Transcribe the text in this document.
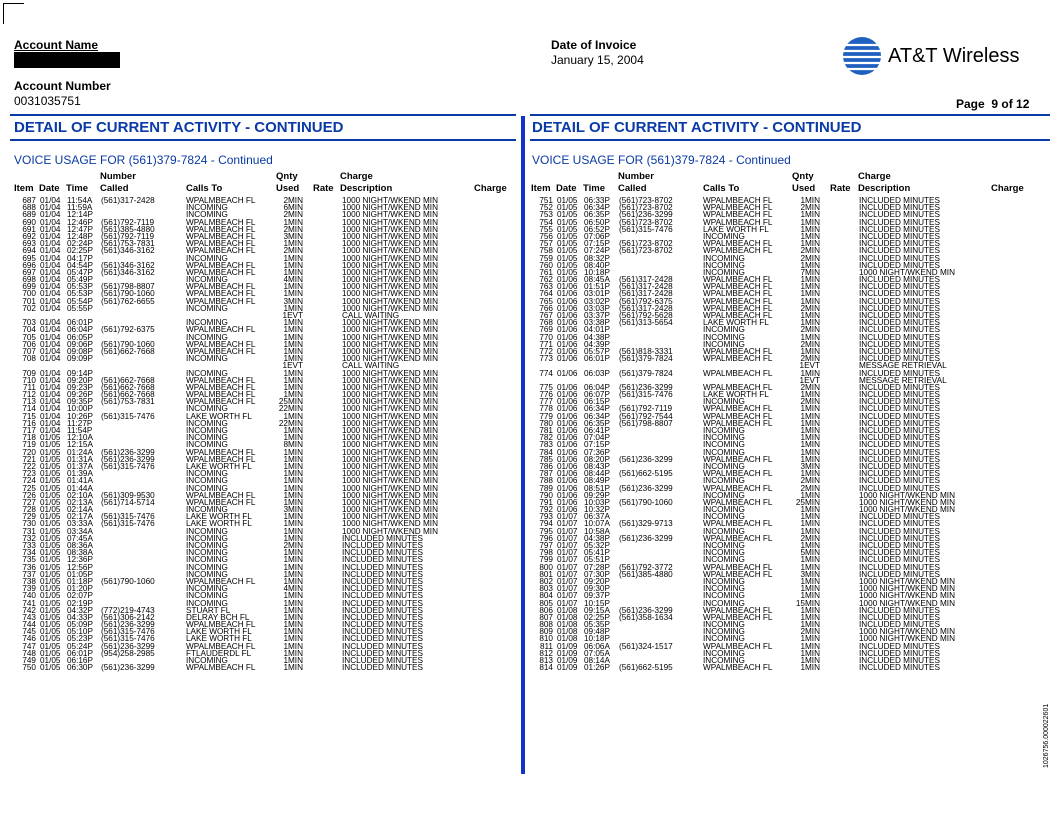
Account Name
Account Number
0031035751
Date of Invoice
January 15, 2004	AT&T Wireless
Page  9 of 12
DETAIL OF CURRENT ACTIVITY - CONTINUED	DETAIL OF CURRENT ACTIVITY - CONTINUED
VOICE USAGE FOR (561)379-7824 - Continued	VOICE USAGE FOR (561)379-7824 - Continued
Number	Qnty	Charge
Item Date Time Called	Calls To	Used Rate Description	Charge
Number	Qnty	Charge
Item Date Time Called	Calls To	Used Rate Description	Charge
687 01/04 11:54A (561)317-2428	WPALMBEACH FL	2MIN	1000 NIGHT/WKEND MIN
688 01/04 11:59A	INCOMING	6MIN	1000 NIGHT/WKEND MIN
689 01/04 12:14P	INCOMING	2MIN	1000 NIGHT/WKEND MIN
690 01/04 12:46P (561)792-7119	WPALMBEACH FL	1MIN	1000 NIGHT/WKEND MIN
691 01/04 12:47P (561)385-4880	WPALMBEACH FL	2MIN	1000 NIGHT/WKEND MIN
692 01/04 12:48P (561)792-7119	WPALMBEACH FL	3MIN	1000 NIGHT/WKEND MIN
693 01/04 02:24P (561)753-7831	WPALMBEACH FL	1MIN	1000 NIGHT/WKEND MIN
694 01/04 02:25P (561)346-3162	WPALMBEACH FL	2MIN	1000 NIGHT/WKEND MIN
695 01/04 04:17P	INCOMING	1MIN	1000 NIGHT/WKEND MIN
696 01/04 04:54P (561)346-3162	WPALMBEACH FL	1MIN	1000 NIGHT/WKEND MIN
697 01/04 05:47P (561)346-3162	WPALMBEACH FL	1MIN	1000 NIGHT/WKEND MIN
698 01/04 05:49P	INCOMING	4MIN	1000 NIGHT/WKEND MIN
699 01/04 05:53P (561)798-8807	WPALMBEACH FL	1MIN	1000 NIGHT/WKEND MIN
700 01/04 05:53P (561)790-1060	WPALMBEACH FL	1MIN	1000 NIGHT/WKEND MIN
701 01/04 05:54P (561)762-6655	WPALMBEACH FL	3MIN	1000 NIGHT/WKEND MIN
702 01/04 05:55P	INCOMING	1MIN	1000 NIGHT/WKEND MIN
1EVT	CALL WAITING
703 01/04 06:01P	INCOMING	1MIN	1000 NIGHT/WKEND MIN
704 01/04 06:04P (561)792-6375	WPALMBEACH FL	1MIN	1000 NIGHT/WKEND MIN
705 01/04 06:05P	INCOMING	1MIN	1000 NIGHT/WKEND MIN
706 01/04 09:06P (561)790-1060	WPALMBEACH FL	1MIN	1000 NIGHT/WKEND MIN
707 01/04 09:08P (561)662-7668	WPALMBEACH FL	1MIN	1000 NIGHT/WKEND MIN
708 01/04 09:09P	INCOMING	1MIN	1000 NIGHT/WKEND MIN
1EVT	CALL WAITING
709 01/04 09:14P	INCOMING	1MIN	1000 NIGHT/WKEND MIN
710 01/04 09:20P (561)662-7668	WPALMBEACH FL	1MIN	1000 NIGHT/WKEND MIN
711 01/04 09:23P (561)662-7668	WPALMBEACH FL	1MIN	1000 NIGHT/WKEND MIN
712 01/04 09:26P (561)662-7668	WPALMBEACH FL	1MIN	1000 NIGHT/WKEND MIN
713 01/04 09:35P (561)753-7831	WPALMBEACH FL	25MIN	1000 NIGHT/WKEND MIN
714 01/04 10:00P	INCOMING	22MIN	1000 NIGHT/WKEND MIN
715 01/04 10:26P (561)315-7476	LAKE WORTH FL	1MIN	1000 NIGHT/WKEND MIN
716 01/04 11:27P	INCOMING	22MIN	1000 NIGHT/WKEND MIN
717 01/04 11:54P	INCOMING	1MIN	1000 NIGHT/WKEND MIN
718 01/05 12:10A	INCOMING	1MIN	1000 NIGHT/WKEND MIN
719 01/05 12:15A	INCOMING	8MIN	1000 NIGHT/WKEND MIN
720 01/05 01:24A (561)236-3299	WPALMBEACH FL	1MIN	1000 NIGHT/WKEND MIN
721 01/05 01:31A (561)236-3299	WPALMBEACH FL	1MIN	1000 NIGHT/WKEND MIN
722 01/05 01:37A (561)315-7476	LAKE WORTH FL	1MIN	1000 NIGHT/WKEND MIN
723 01/05 01:39A	INCOMING	1MIN	1000 NIGHT/WKEND MIN
724 01/05 01:41A	INCOMING	1MIN	1000 NIGHT/WKEND MIN
725 01/05 01:44A	INCOMING	1MIN	1000 NIGHT/WKEND MIN
726 01/05 02:10A (561)309-9530	WPALMBEACH FL	1MIN	1000 NIGHT/WKEND MIN
727 01/05 02:13A (561)714-5714	WPALMBEACH FL	1MIN	1000 NIGHT/WKEND MIN
728 01/05 02:14A	INCOMING	3MIN	1000 NIGHT/WKEND MIN
729 01/05 02:17A (561)315-7476	LAKE WORTH FL	1MIN	1000 NIGHT/WKEND MIN
730 01/05 03:33A (561)315-7476	LAKE WORTH FL	1MIN	1000 NIGHT/WKEND MIN
731 01/05 03:34A	INCOMING	1MIN	1000 NIGHT/WKEND MIN
732 01/05 07:45A	INCOMING	1MIN	INCLUDED MINUTES
733 01/05 08:36A	INCOMING	2MIN	INCLUDED MINUTES
734 01/05 08:38A	INCOMING	1MIN	INCLUDED MINUTES
735 01/05 12:36P	INCOMING	1MIN	INCLUDED MINUTES
736 01/05 12:56P	INCOMING	1MIN	INCLUDED MINUTES
737 01/05 01:05P	INCOMING	1MIN	INCLUDED MINUTES
738 01/05 01:18P (561)790-1060	WPALMBEACH FL	1MIN	INCLUDED MINUTES
739 01/05 01:20P	INCOMING	4MIN	INCLUDED MINUTES
740 01/05 02:07P	INCOMING	1MIN	INCLUDED MINUTES
741 01/05 02:19P	INCOMING	1MIN	INCLUDED MINUTES
742 01/05 04:32P (772)219-4743	STUART FL	1MIN	INCLUDED MINUTES
743 01/05 04:33P (561)306-2142	DELRAY BCH FL	1MIN	INCLUDED MINUTES
744 01/05 05:09P (561)236-3299	WPALMBEACH FL	1MIN	INCLUDED MINUTES
745 01/05 05:10P (561)315-7476	LAKE WORTH FL	1MIN	INCLUDED MINUTES
746 01/05 05:23P (561)315-7476	LAKE WORTH FL	1MIN	INCLUDED MINUTES
747 01/05 05:24P (561)236-3299	WPALMBEACH FL	1MIN	INCLUDED MINUTES
748 01/05 06:01P (954)258-2985	FTLAUDERDL FL	1MIN	INCLUDED MINUTES
749 01/05 06:16P	INCOMING	1MIN	INCLUDED MINUTES
750 01/05 06:30P (561)236-3299	WPALMBEACH FL	1MIN	INCLUDED MINUTES
751 01/05 06:33P (561)723-8702	WPALMBEACH FL	1MIN	INCLUDED MINUTES
752 01/05 06:34P (561)723-8702	WPALMBEACH FL	2MIN	INCLUDED MINUTES
753 01/05 06:35P (561)236-3299	WPALMBEACH FL	1MIN	INCLUDED MINUTES
754 01/05 06:50P (561)723-8702	WPALMBEACH FL	1MIN	INCLUDED MINUTES
755 01/05 06:52P (561)315-7476	LAKE WORTH FL	1MIN	INCLUDED MINUTES
756 01/05 07:06P	INCOMING	1MIN	INCLUDED MINUTES
757 01/05 07:15P (561)723-8702	WPALMBEACH FL	1MIN	INCLUDED MINUTES
758 01/05 07:24P (561)723-8702	WPALMBEACH FL	2MIN	INCLUDED MINUTES
759 01/05 08:32P	INCOMING	2MIN	INCLUDED MINUTES
760 01/05 08:40P	INCOMING	1MIN	INCLUDED MINUTES
761 01/05 10:18P	INCOMING	7MIN	1000 NIGHT/WKEND MIN
762 01/06 08:45A (561)317-2428	WPALMBEACH FL	1MIN	INCLUDED MINUTES
763 01/06 01:51P (561)317-2428	WPALMBEACH FL	1MIN	INCLUDED MINUTES
764 01/06 03:01P (561)317-2428	WPALMBEACH FL	1MIN	INCLUDED MINUTES
765 01/06 03:02P (561)792-6375	WPALMBEACH FL	1MIN	INCLUDED MINUTES
766 01/06 03:03P (561)317-2428	WPALMBEACH FL	2MIN	INCLUDED MINUTES
767 01/06 03:37P (561)792-5628	WPALMBEACH FL	1MIN	INCLUDED MINUTES
768 01/06 03:38P (561)313-5654	LAKE WORTH FL	1MIN	INCLUDED MINUTES
769 01/06 04:01P	INCOMING	2MIN	INCLUDED MINUTES
770 01/06 04:38P	INCOMING	1MIN	INCLUDED MINUTES
771 01/06 04:39P	INCOMING	2MIN	INCLUDED MINUTES
772 01/06 05:57P (561)818-3331	WPALMBEACH FL	1MIN	INCLUDED MINUTES
773 01/06 06:01P (561)379-7824	WPALMBEACH FL	2MIN	INCLUDED MINUTES
1EVT	MESSAGE RETRIEVAL
774 01/06 06:03P (561)379-7824	WPALMBEACH FL	1MIN	INCLUDED MINUTES
1EVT	MESSAGE RETRIEVAL
775 01/06 06:04P (561)236-3299	WPALMBEACH FL	2MIN	INCLUDED MINUTES
776 01/06 06:07P (561)315-7476	LAKE WORTH FL	1MIN	INCLUDED MINUTES
777 01/06 06:15P	INCOMING	2MIN	INCLUDED MINUTES
778 01/06 06:34P (561)792-7119	WPALMBEACH FL	1MIN	INCLUDED MINUTES
779 01/06 06:34P (561)792-7544	WPALMBEACH FL	1MIN	INCLUDED MINUTES
780 01/06 06:35P (561)798-8807	WPALMBEACH FL	1MIN	INCLUDED MINUTES
781 01/06 06:41P	INCOMING	1MIN	INCLUDED MINUTES
782 01/06 07:04P	INCOMING	1MIN	INCLUDED MINUTES
783 01/06 07:15P	INCOMING	1MIN	INCLUDED MINUTES
784 01/06 07:36P	INCOMING	1MIN	INCLUDED MINUTES
785 01/06 08:20P (561)236-3299	WPALMBEACH FL	1MIN	INCLUDED MINUTES
786 01/06 08:43P	INCOMING	3MIN	INCLUDED MINUTES
787 01/06 08:44P (561)662-5195	WPALMBEACH FL	1MIN	INCLUDED MINUTES
788 01/06 08:49P	INCOMING	2MIN	INCLUDED MINUTES
789 01/06 08:51P (561)236-3299	WPALMBEACH FL	2MIN	INCLUDED MINUTES
790 01/06 09:29P	INCOMING	1MIN	1000 NIGHT/WKEND MIN
791 01/06 10:03P (561)790-1060	WPALMBEACH FL	25MIN	1000 NIGHT/WKEND MIN
792 01/06 10:32P	INCOMING	1MIN	1000 NIGHT/WKEND MIN
793 01/07 06:37A	INCOMING	1MIN	INCLUDED MINUTES
794 01/07 10:07A (561)329-9713	WPALMBEACH FL	1MIN	INCLUDED MINUTES
795 01/07 10:58A	INCOMING	1MIN	INCLUDED MINUTES
796 01/07 04:38P (561)236-3299	WPALMBEACH FL	2MIN	INCLUDED MINUTES
797 01/07 05:32P	INCOMING	1MIN	INCLUDED MINUTES
798 01/07 05:41P	INCOMING	5MIN	INCLUDED MINUTES
799 01/07 05:51P	INCOMING	1MIN	INCLUDED MINUTES
800 01/07 07:28P (561)792-3772	WPALMBEACH FL	1MIN	INCLUDED MINUTES
801 01/07 07:30P (561)385-4880	WPALMBEACH FL	3MIN	INCLUDED MINUTES
802 01/07 09:20P	INCOMING	1MIN	1000 NIGHT/WKEND MIN
803 01/07 09:30P	INCOMING	1MIN	1000 NIGHT/WKEND MIN
804 01/07 09:37P	INCOMING	1MIN	1000 NIGHT/WKEND MIN
805 01/07 10:15P	INCOMING	15MIN	1000 NIGHT/WKEND MIN
806 01/08 09:15A (561)236-3299	WPALMBEACH FL	1MIN	INCLUDED MINUTES
807 01/08 02:25P (561)358-1634	WPALMBEACH FL	1MIN	INCLUDED MINUTES
808 01/08 05:35P	INCOMING	1MIN	INCLUDED MINUTES
809 01/08 09:48P	INCOMING	2MIN	1000 NIGHT/WKEND MIN
810 01/08 10:18P	INCOMING	1MIN	1000 NIGHT/WKEND MIN
811 01/09 06:06A (561)324-1517	WPALMBEACH FL	1MIN	INCLUDED MINUTES
812 01/09 07:05A	INCOMING	1MIN	INCLUDED MINUTES
813 01/09 08:14A	INCOMING	1MIN	INCLUDED MINUTES
814 01/09 01:26P (561)662-5195	WPALMBEACH FL	1MIN	INCLUDED MINUTES
1026756.000022601
